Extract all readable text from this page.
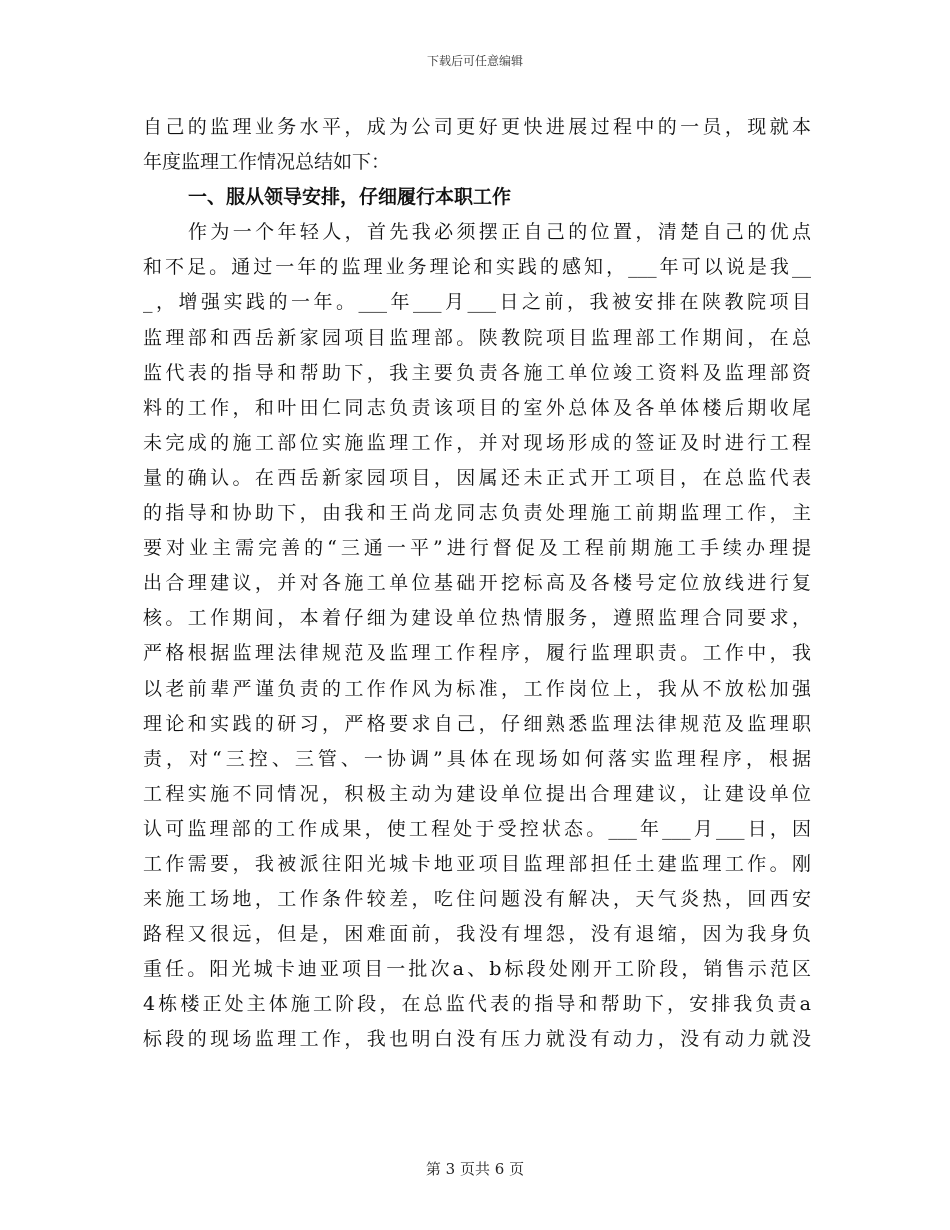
下载后可任意编辑
自己的监理业务水平，成为公司更好更快进展过程中的一员，现就本
年度监理工作情况总结如下：
一、服从领导安排，仔细履行本职工作
作为一个年轻人，首先我必须摆正自己的位置，清楚自己的优点
和不足。通过一年的监理业务理论和实践的感知，___年可以说是我__
_，增强实践的一年。___年___月___日之前，我被安排在陕教院项目
监理部和西岳新家园项目监理部。陕教院项目监理部工作期间，在总
监代表的指导和帮助下，我主要负责各施工单位竣工资料及监理部资
料的工作，和叶田仁同志负责该项目的室外总体及各单体楼后期收尾
未完成的施工部位实施监理工作，并对现场形成的签证及时进行工程
量的确认。在西岳新家园项目，因属还未正式开工项目，在总监代表
的指导和协助下，由我和王尚龙同志负责处理施工前期监理工作，主
要对业主需完善的“三通一平”进行督促及工程前期施工手续办理提
出合理建议，并对各施工单位基础开挖标高及各楼号定位放线进行复
核。工作期间，本着仔细为建设单位热情服务，遵照监理合同要求，
严格根据监理法律规范及监理工作程序，履行监理职责。工作中，我
以老前辈严谨负责的工作作风为标准，工作岗位上，我从不放松加强
理论和实践的研习，严格要求自己，仔细熟悉监理法律规范及监理职
责，对“三控、三管、一协调”具体在现场如何落实监理程序，根据
工程实施不同情况，积极主动为建设单位提出合理建议，让建设单位
认可监理部的工作成果，使工程处于受控状态。___年___月___日，因
工作需要，我被派往阳光城卡地亚项目监理部担任土建监理工作。刚
来施工场地，工作条件较差，吃住问题没有解决，天气炎热，回西安
路程又很远，但是，困难面前，我没有埋怨，没有退缩，因为我身负
重任。阳光城卡迪亚项目一批次a、b标段处刚开工阶段，销售示范区
4栋楼正处主体施工阶段，在总监代表的指导和帮助下，安排我负责a
标段的现场监理工作，我也明白没有压力就没有动力，没有动力就没
第 3 页共 6 页
